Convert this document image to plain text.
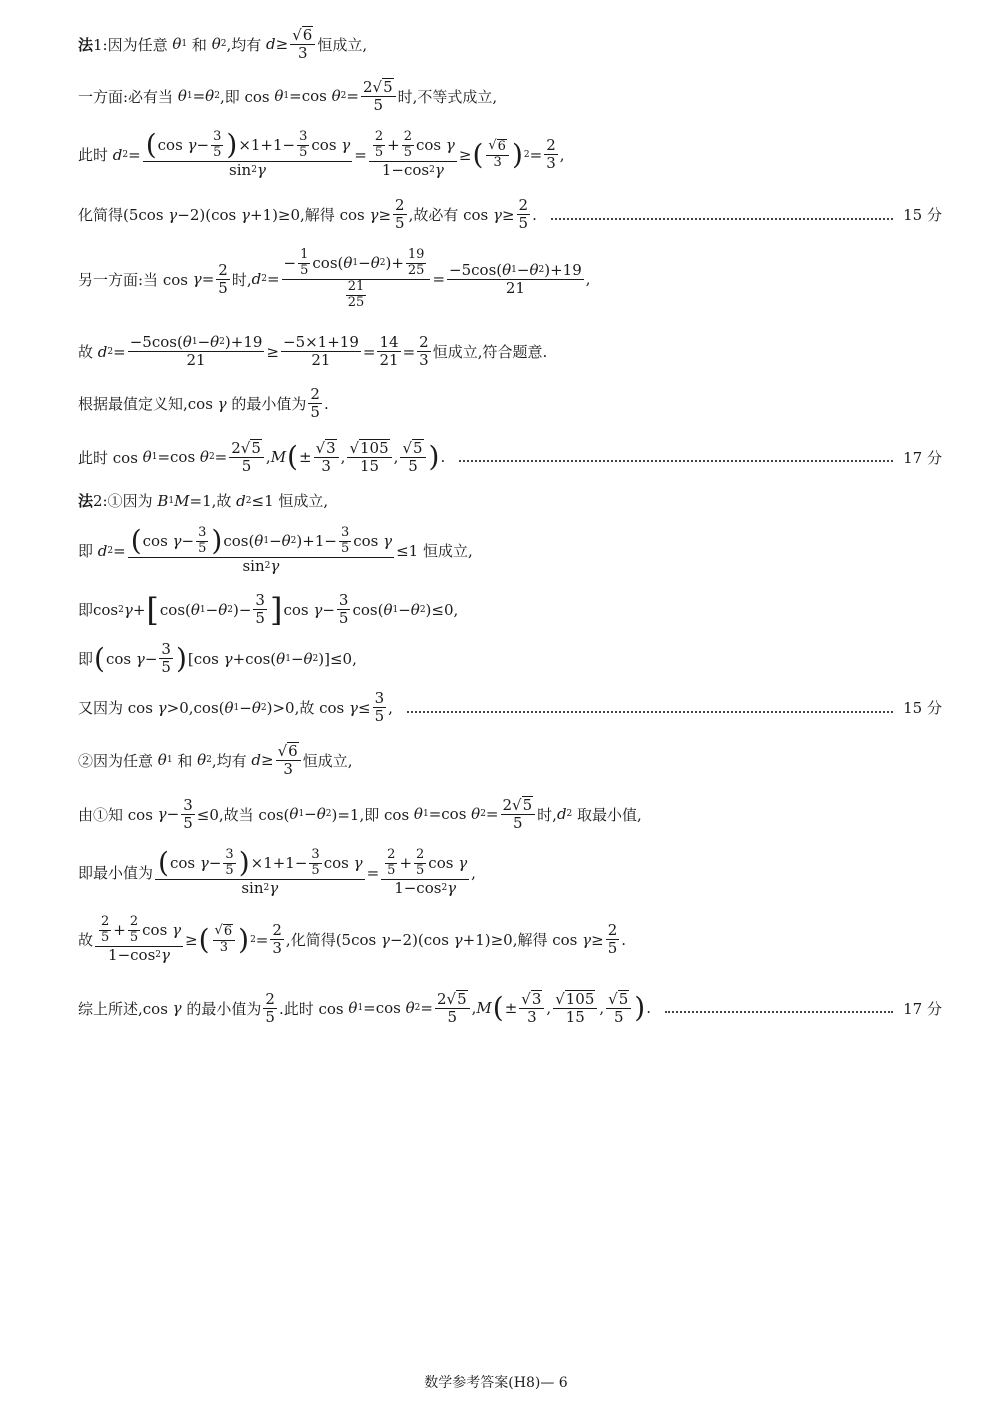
法 1:因为任意 θ 1 和 θ 2 ,均有 $d \ge \frac{√ 6}{3}$ 恒成立,
一方面:必有当 θ 1 = θ 2 ,即 cos θ 1 =cos θ $2 = \frac{2√ 5}{5}$ 时,不等式成立,
此时 d $2 = \frac{( \cos \gamma - \frac{3}{5} ) \times 1+1- \frac{3}{5} \cos \gamma}{\sin 2 \gamma} = \frac{\frac{2}{5} + \frac{2}{5} \cos \gamma}{1-\cos 2 \gamma}$ ≥ ( $\frac{√ 6}{3}$ ) $2 = \frac{2}{3}$ ,
化简得(5cos γ −2)(cos γ +1)≥0,解得 $\cos \gamma \ge \frac{2}{5}$ ,故必有 $\cos \gamma \ge \frac{2}{5}$ .	15 分
另一方面:当 $\cos \gamma = \frac{2}{5}$ 时, d $2 = \frac{- \frac{1}{5} \cos( \theta 1 - \theta 2 )+ \frac{19}{25}}{\frac{21}{25}} = \frac{-5\cos( \theta 1 - \theta 2 )+19}{21}$ ,
故 d $2 = \frac{-5\cos( \theta 1 - \theta 2 )+19}{21} \ge \frac{-5\times 1+19}{21} = \frac{14}{21} = \frac{2}{3}$ 恒成立,符合题意.
根据最值定义知,cos γ 的最小值为 $\frac{2}{5}$ .
此时 cos θ 1 =cos θ $2 = \frac{2√ 5}{5}$ , M ( ± $\frac{√ 3}{3}$ , $\frac{√ 105}{15}$ , $\frac{√ 5}{5}$ ) .	17 分
法 2:①因为 B 1 M =1,故 d 2 ≤1 恒成立,
即 d $2 = \frac{( \cos \gamma - \frac{3}{5} ) \cos( \theta 1 - \theta 2 )+1- \frac{3}{5} \cos \gamma}{\sin 2 \gamma} \le 1$ 恒成立,
即cos 2 γ + [ cos( θ 1 − θ 2 )− $\frac{3}{5}$ ] $\cos \gamma - \frac{3}{5} \cos$( θ 1 − θ 2 )≤0,
即 ( $\cos \gamma - \frac{3}{5}$ ) [cos γ +cos( θ 1 − θ 2 )]≤0,
又因为 cos γ >0,cos( θ 1 − θ 2 )>0,故 $\cos \gamma \le \frac{3}{5}$ ,	15 分
②因为任意 θ 1 和 θ 2 ,均有 $d \ge \frac{√ 6}{3}$ 恒成立,
由①知 $\cos \gamma - \frac{3}{5} \le 0$,故当 cos( θ 1 − θ 2 )=1,即 cos θ 1 =cos θ $2 = \frac{2√ 5}{5}$ 时, d 2 取最小值,
即最小值为 $\frac{( \cos \gamma - \frac{3}{5} ) \times 1+1- \frac{3}{5} \cos \gamma}{\sin 2 \gamma} = \frac{\frac{2}{5} + \frac{2}{5} \cos \gamma}{1-\cos 2 \gamma}$ ,
故 $\frac{\frac{2}{5} + \frac{2}{5} \cos \gamma}{1-\cos 2 \gamma}$ ≥ ( $\frac{√ 6}{3}$ ) $2 = \frac{2}{3}$ ,化简得(5cos γ −2)(cos γ +1)≥0,解得 $\cos \gamma \ge \frac{2}{5}$ .
综上所述,cos γ 的最小值为 $\frac{2}{5}$ .此时 cos θ 1 =cos θ $2 = \frac{2√ 5}{5}$ , M ( ± $\frac{√ 3}{3}$ , $\frac{√ 105}{15}$ , $\frac{√ 5}{5}$ ) .	17 分
数学参考答案(H8)— 6
